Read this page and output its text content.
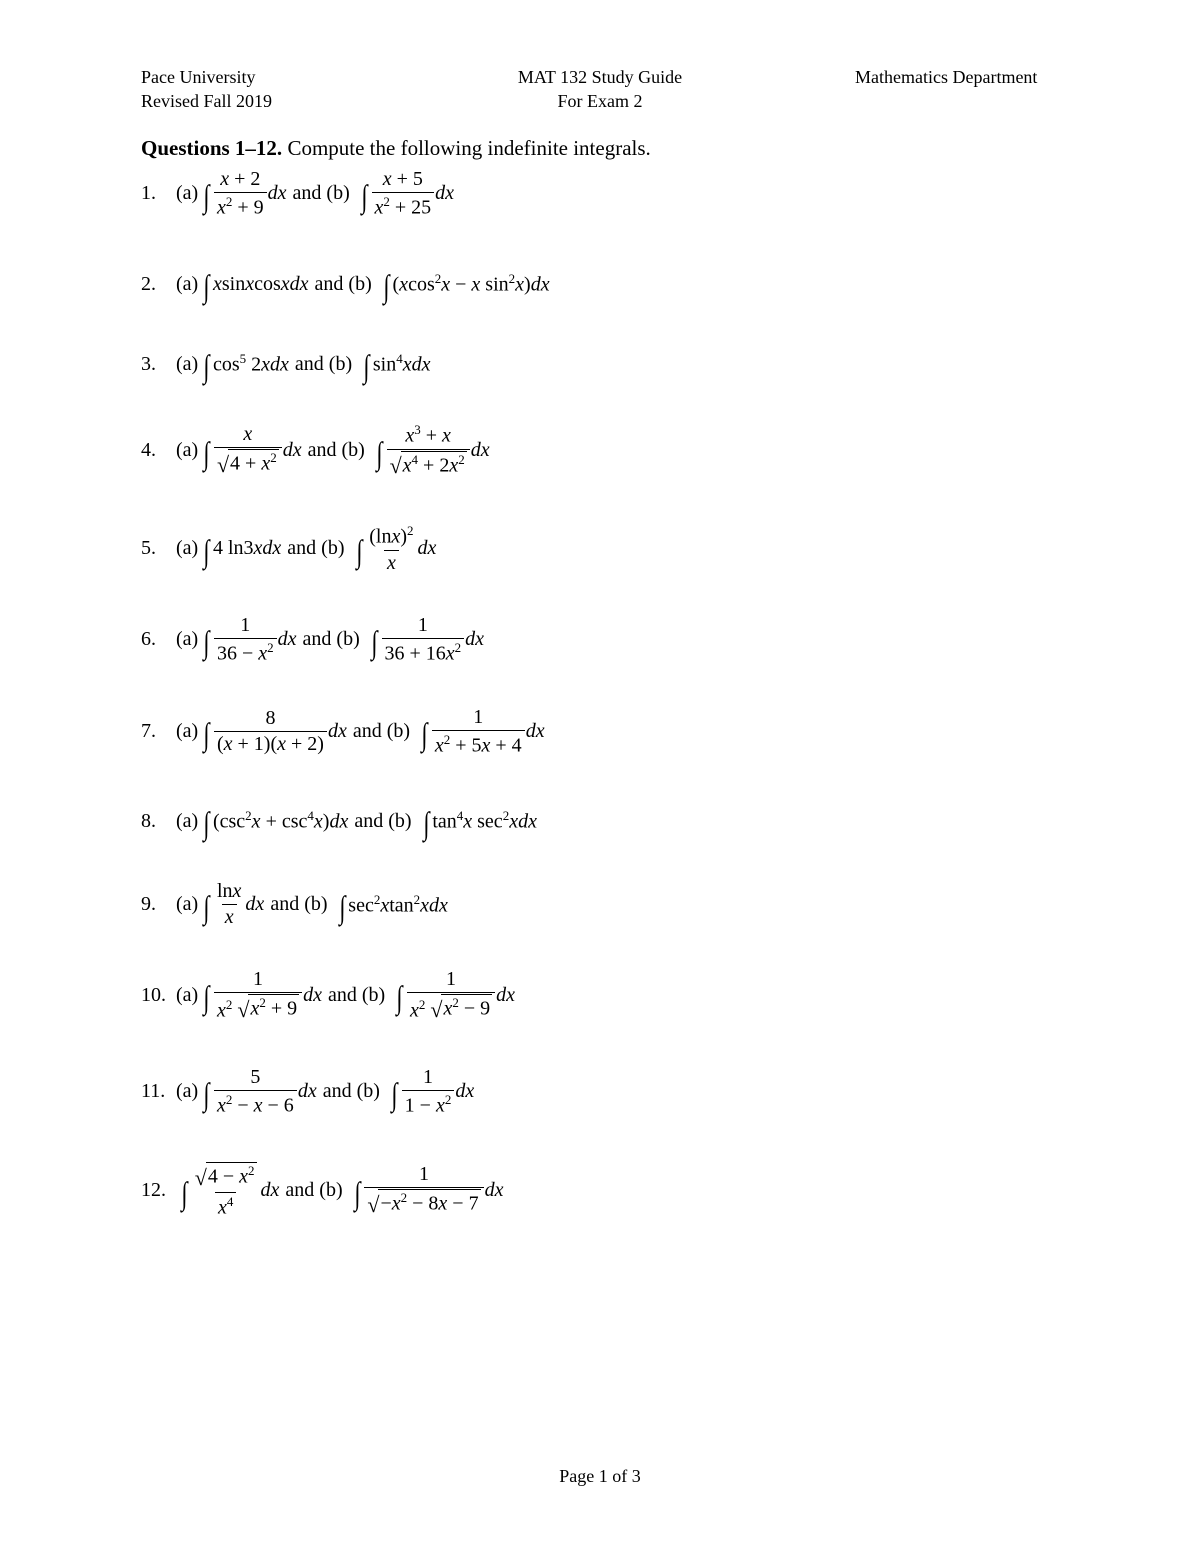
Pace University
Revised Fall 2019
MAT 132 Study Guide
For Exam 2
Mathematics Department
Questions 1–12. Compute the following indefinite integrals.
1.	(a) ∫ $\frac{x + 2}{x^2 + 9}$ dx and (b) ∫ $\frac{x + 5}{x^2 + 25}$ dx
2.	(a) ∫ xsinxcosxdx and (b) ∫ (xcos$^2$x − x $\sin^2x)dx$
3.	(a) ∫ $\cos^5 2xdx$ and (b) ∫ $\sin^4xdx$
4.	(a) ∫ $\frac{x}{√ 4 + x^2}$ dx and (b) ∫ $\frac{x^3 + x}{√ x^4 + 2x^2}$ dx
5.	(a) ∫ 4 ln3xdx and (b) ∫ $\frac{(\ln x)^2}{x}$ dx
6.	(a) ∫ $\frac{1}{36 - x^2}$ dx and (b) ∫ $\frac{1}{36 + 16x^2}$ dx
7.	(a) ∫ $\frac{8}{(x + 1)(x + 2)}$ dx and (b) ∫ $\frac{1}{x^2 + 5x + 4}$ dx
8.	(a) ∫ $(\csc^2x + \csc^4x)dx$ and (b) ∫ $\tan^4x$ $\sec^2xdx$
9.	(a) ∫ $\frac{\ln x}{x}$ dx and (b) ∫ $\sec^2xtan^2xdx$
10. (a) ∫ $\frac{1}{x^2 √ x^2 + 9}$ dx and (b) ∫ $\frac{1}{x^2 √ x^2 - 9}$ dx
11. (a) ∫ $\frac{5}{x^2 - x - 6}$ dx and (b) ∫ $\frac{1}{1 - x^2}$ dx
12. ∫ $\frac{√ 4 - x^2}{x^4}$ dx and (b) ∫ $\frac{1}{√ -x^2 - 8x - 7}$ dx
Page 1 of 3
